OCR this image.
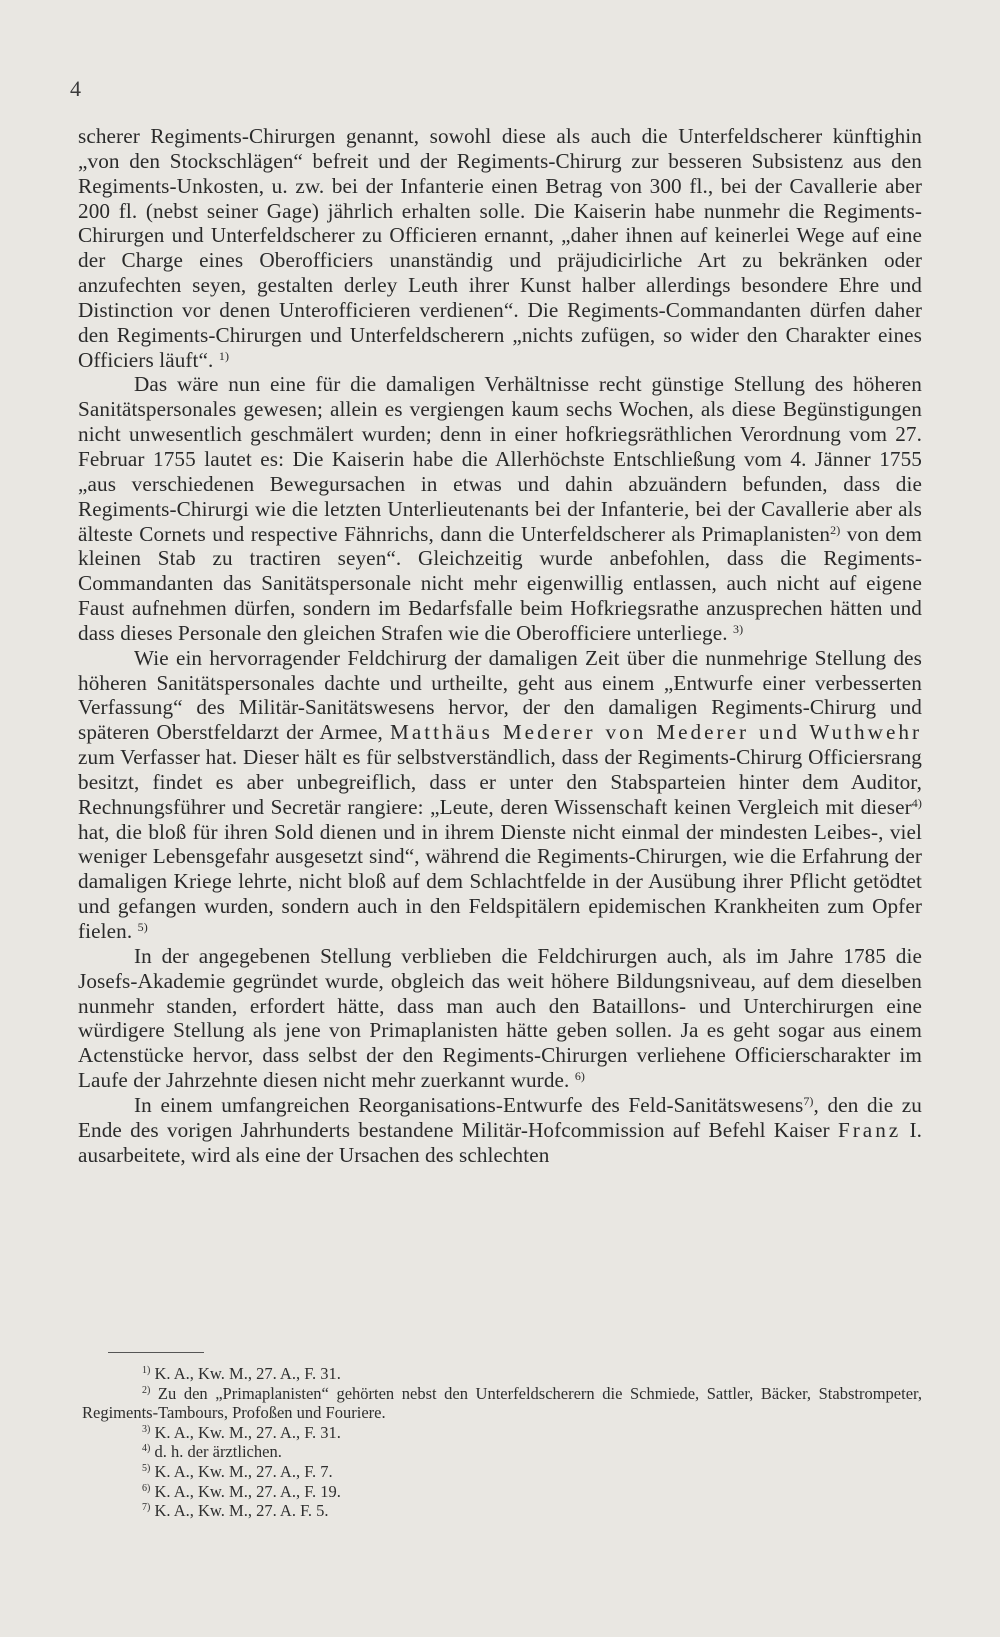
4

scherer Regiments-Chirurgen genannt, sowohl diese als auch die Unterfeldscherer künftighin „von den Stockschlägen“ befreit und der Regiments-Chirurg zur besseren Subsistenz aus den Regiments-Unkosten, u. zw. bei der Infanterie einen Betrag von 300 fl., bei der Cavallerie aber 200 fl. (nebst seiner Gage) jährlich erhalten solle. Die Kaiserin habe nunmehr die Regiments-Chirurgen und Unterfeldscherer zu Officieren ernannt, „daher ihnen auf keinerlei Wege auf eine der Charge eines Oberofficiers unanständig und präjudicirliche Art zu bekränken oder anzufechten seyen, gestalten derley Leuth ihrer Kunst halber allerdings besondere Ehre und Distinction vor denen Unterofficieren verdienen“. Die Regiments-Commandanten dürfen daher den Regiments-Chirurgen und Unterfeldscherern „nichts zufügen, so wider den Charakter eines Officiers läuft“. $^{1)}$

Das wäre nun eine für die damaligen Verhältnisse recht günstige Stellung des höheren Sanitätspersonales gewesen; allein es vergiengen kaum sechs Wochen, als diese Begünstigungen nicht unwesentlich geschmälert wurden; denn in einer hofkriegsräthlichen Verordnung vom 27. Februar 1755 lautet es: Die Kaiserin habe die Allerhöchste Entschließung vom 4. Jänner 1755 „aus verschiedenen Bewegursachen in etwas und dahin abzuändern befunden, dass die Regiments-Chirurgi wie die letzten Unterlieutenants bei der Infanterie, bei der Cavallerie aber als älteste Cornets und respective Fähnrichs, dann die Unterfeldscherer als Primaplanisten$^{2)}$ von dem kleinen Stab zu tractiren seyen“. Gleichzeitig wurde anbefohlen, dass die Regiments-Commandanten das Sanitätspersonale nicht mehr eigenwillig entlassen, auch nicht auf eigene Faust aufnehmen dürfen, sondern im Bedarfsfalle beim Hofkriegsrathe anzusprechen hätten und dass dieses Personale den gleichen Strafen wie die Oberofficiere unterliege. $^{3)}$

Wie ein hervorragender Feldchirurg der damaligen Zeit über die nunmehrige Stellung des höheren Sanitätspersonales dachte und urtheilte, geht aus einem „Entwurfe einer verbesserten Verfassung“ des Militär-Sanitätswesens hervor, der den damaligen Regiments-Chirurg und späteren Oberstfeldarzt der Armee, Matthäus Mederer von Mederer und Wuthwehr zum Verfasser hat. Dieser hält es für selbstverständlich, dass der Regiments-Chirurg Officiersrang besitzt, findet es aber unbegreiflich, dass er unter den Stabsparteien hinter dem Auditor, Rechnungsführer und Secretär rangiere: „Leute, deren Wissenschaft keinen Vergleich mit dieser$^{4)}$ hat, die bloß für ihren Sold dienen und in ihrem Dienste nicht einmal der mindesten Leibes-, viel weniger Lebensgefahr ausgesetzt sind“, während die Regiments-Chirurgen, wie die Erfahrung der damaligen Kriege lehrte, nicht bloß auf dem Schlachtfelde in der Ausübung ihrer Pflicht getödtet und gefangen wurden, sondern auch in den Feldspitälern epidemischen Krankheiten zum Opfer fielen. $^{5)}$

In der angegebenen Stellung verblieben die Feldchirurgen auch, als im Jahre 1785 die Josefs-Akademie gegründet wurde, obgleich das weit höhere Bildungsniveau, auf dem dieselben nunmehr standen, erfordert hätte, dass man auch den Bataillons- und Unterchirurgen eine würdigere Stellung als jene von Primaplanisten hätte geben sollen. Ja es geht sogar aus einem Actenstücke hervor, dass selbst der den Regiments-Chirurgen verliehene Officierscharakter im Laufe der Jahrzehnte diesen nicht mehr zuerkannt wurde. $^{6)}$

In einem umfangreichen Reorganisations-Entwurfe des Feld-Sanitätswesens$^{7)}$, den die zu Ende des vorigen Jahrhunderts bestandene Militär-Hofcommission auf Befehl Kaiser Franz I. ausarbeitete, wird als eine der Ursachen des schlechten

$^{1)}$ K. A., Kw. M., 27. A., F. 31.

$^{2)}$ Zu den „Primaplanisten“ gehörten nebst den Unterfeldscherern die Schmiede, Sattler, Bäcker, Stabstrompeter, Regiments-Tambours, Profoßen und Fouriere.

$^{3)}$ K. A., Kw. M., 27. A., F. 31.

$^{4)}$ d. h. der ärztlichen.

$^{5)}$ K. A., Kw. M., 27. A., F. 7.

$^{6)}$ K. A., Kw. M., 27. A., F. 19.

$^{7)}$ K. A., Kw. M., 27. A. F. 5.
